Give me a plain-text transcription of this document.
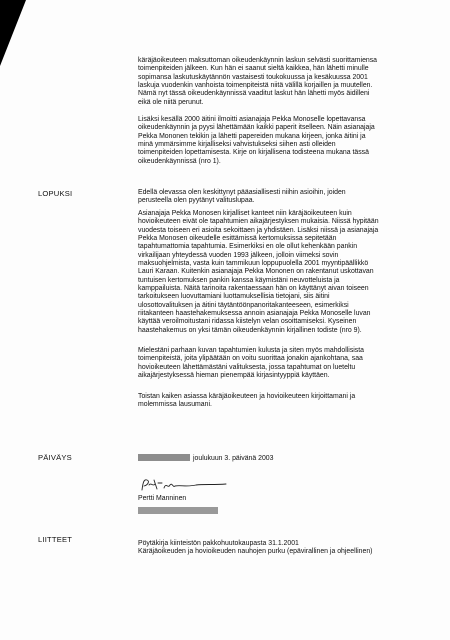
käräjäoikeuteen maksuttoman oikeudenkäynnin laskun selvästi suorittamiensa
toimenpiteiden jälkeen. Kun hän ei saanut sieltä kaikkea, hän lähetti minulle
sopimansa laskutuskäytännön vastaisesti toukokuussa ja kesäkuussa 2001
laskuja vuodenkin vanhoista toimenpiteistä niitä välillä korjaillen ja muutellen.
Nämä nyt tässä oikeudenkäynnissä vaaditut laskut hän lähetti myös äidilleni
eikä ole niitä perunut.

Lisäksi kesällä 2000 äitini ilmoitti asianajaja Pekka Monoselle lopettavansa
oikeudenkäynnin ja pyysi lähettämään kaikki paperit itselleen. Näin asianajaja
Pekka Mononen tekikin ja lähetti papereiden mukana kirjeen, jonka äitini ja
minä ymmärsimme kirjalliseksi vahvistukseksi siihen asti olleiden
toimenpiteiden lopettamisesta. Kirje on kirjallisena todisteena mukana tässä
oikeudenkäynnissä (nro 1).

LOPUKSI	Edellä olevassa olen keskittynyt pääasiallisesti niihin asioihin, joiden
perusteella olen pyytänyt valituslupaa.

Asianajaja Pekka Monosen kirjalliset kanteet niin käräjäoikeuteen kuin
hovioikeuteen eivät ole tapahtumien aikajärjestyksen mukaisia. Niissä hypitään
vuodesta toiseen eri asioita sekoittaen ja yhdistäen. Lisäksi niissä ja asianajaja
Pekka Monosen oikeudelle esittämissä kertomuksissa sepitetään
tapahtumattomia tapahtumia. Esimerkiksi en ole ollut kehenkään pankin
virkailijaan yhteydessä vuoden 1993 jälkeen, jolloin viimeksi sovin
maksuohjelmista, vasta kuin tammikuun loppupuolella 2001 myyntipäällikkö
Lauri Karaan. Kuitenkin asianajaja Pekka Mononen on rakentanut uskottavan
tuntuisen kertomuksen pankin kanssa käymistäni neuvotteluista ja
kamppailuista. Näitä tarinoita rakentaessaan hän on käyttänyt aivan toiseen
tarkoitukseen luovuttamiani luottamuksellisia tietojani, siis äitini
ulosottovalituksen ja äitini täytäntöönpanoritakanteeseen, esimerkiksi
riitakanteen haastehakemuksessa annoin asianajaja Pekka Monoselle luvan
käyttää veroilmoitustani ridassa kiistelyn velan osoittamiseksi. Kyseinen
haastehakemus on yksi tämän oikeudenkäynnin kirjallinen todiste (nro 9).

Mielestäni parhaan kuvan tapahtumien kulusta ja siten myös mahdollisista
toimenpiteistä, joita ylipäätään on voitu suorittaa jonakin ajankohtana, saa
hovioikeuteen lähettämästäni valituksesta, jossa tapahtumat on lueteltu
aikajärjestyksessä hieman pienempää kirjasintyyppiä käyttäen.

Toistan kaiken asiassa käräjäoikeuteen ja hovioikeuteen kirjoittamani ja
molemmissa lausumani.

PÄIVÄYS	joulukuun 3. päivänä 2003
Pertti Manninen
LIITTEET	Pöytäkirja kiinteistön pakkohuutokaupasta 31.1.2001
Käräjäoikeuden ja hovioikeuden nauhojen purku (epävirallinen ja ohjeellinen)
